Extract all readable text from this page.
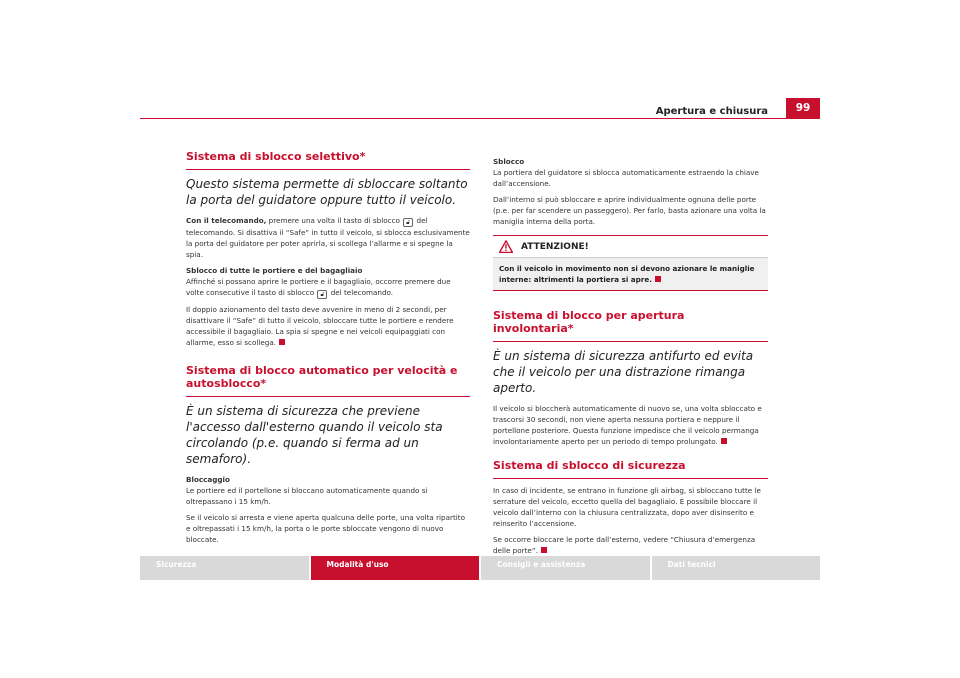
Apertura e chiusura	99
Sistema di sblocco selettivo*
Questo sistema permette di sbloccare soltanto la porta del guidatore oppure tutto il veicolo.
Con il telecomando, premere una volta il tasto di sblocco 🔓︎ del telecomando. Si disattiva il “Safe” in tutto il veicolo, si sblocca esclusivamente la porta del guidatore per poter aprirla, si scollega l’allarme e si spegne la spia.
Sblocco di tutte le portiere e del bagagliaio
Affinché si possano aprire le portiere e il bagagliaio, occorre premere due volte consecutive il tasto di sblocco 🔓︎ del telecomando.
Il doppio azionamento del tasto deve avvenire in meno di 2 secondi, per disattivare il “Safe” di tutto il veicolo, sbloccare tutte le portiere e rendere accessibile il bagagliaio. La spia si spegne e nei veicoli equipaggiati con allarme, esso si scollega.
Sistema di blocco automatico per velocità e autosblocco*
È un sistema di sicurezza che previene l'accesso dall'esterno quando il veicolo sta circolando (p.e. quando si ferma ad un semaforo).
Bloccaggio
Le portiere ed il portellone si bloccano automaticamente quando si oltrepassano i 15 km/h.
Se il veicolo si arresta e viene aperta qualcuna delle porte, una volta ripartito e oltrepassati i 15 km/h, la porta o le porte sbloccate vengono di nuovo bloccate.
Sblocco
La portiera del guidatore si sblocca automaticamente estraendo la chiave dall’accensione.
Dall’interno si può sbloccare e aprire individualmente ognuna delle porte (p.e. per far scendere un passeggero). Per farlo, basta azionare una volta la maniglia interna della porta.
ATTENZIONE!
Con il veicolo in movimento non si devono azionare le maniglie interne: altrimenti la portiera si apre.
Sistema di blocco per apertura involontaria*
È un sistema di sicurezza antifurto ed evita che il veicolo per una distrazione rimanga aperto.
Il veicolo si bloccherà automaticamente di nuovo se, una volta sbloccato e trascorsi 30 secondi, non viene aperta nessuna portiera e neppure il portellone posteriore. Questa funzione impedisce che il veicolo permanga involontariamente aperto per un periodo di tempo prolungato.
Sistema di sblocco di sicurezza
In caso di incidente, se entrano in funzione gli airbag, si sbloccano tutte le serrature del veicolo, eccetto quella del bagagliaio. È possibile bloccare il veicolo dall’interno con la chiusura centralizzata, dopo aver disinserito e reinserito l’accensione.
Se occorre bloccare le porte dall’esterno, vedere “Chiusura d’emergenza delle porte”.
Sicurezza	Modalità d'uso	Consigli e assistenza	Dati tecnici
